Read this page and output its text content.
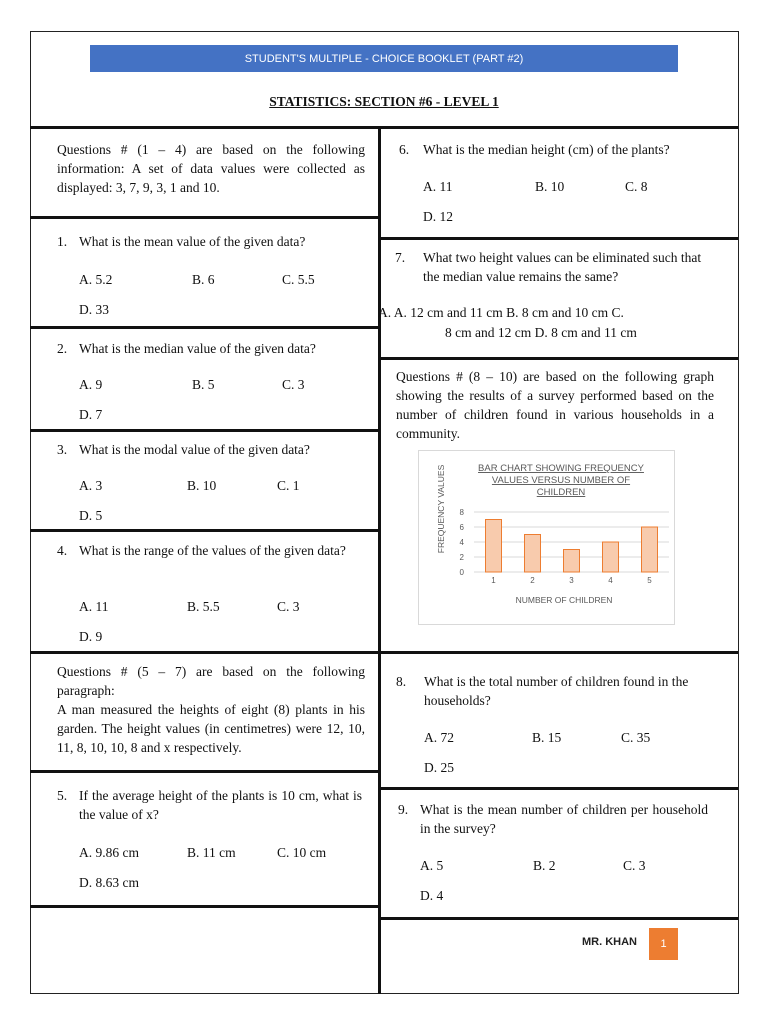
STUDENT'S MULTIPLE - CHOICE BOOKLET (PART #2)
STATISTICS: SECTION #6 - LEVEL 1
Questions # (1 – 4) are based on the following information: A set of data values were collected as displayed: 3, 7, 9, 3, 1 and 10.
1. What is the mean value of the given data?
A. 5.2	B. 6	C. 5.5
D. 33
2. What is the median value of the given data?
A. 9	B. 5	C. 3
D. 7
3. What is the modal value of the given data?
A. 3	B. 10	C. 1
D. 5
4. What is the range of the values of the given data?
A. 11	B. 5.5	C. 3
D. 9
Questions # (5 – 7) are based on the following paragraph:
A man measured the heights of eight (8) plants in his garden. The height values (in centimetres) were 12, 10, 11, 8, 10, 10, 8 and x respectively.
5. If the average height of the plants is 10 cm, what is the value of x?
A. 9.86 cm	B. 11 cm	C. 10 cm
D. 8.63 cm
6. What is the median height (cm) of the plants?
A. 11	B. 10	C. 8
D. 12
7. What two height values can be eliminated such that the median value remains the same?
A. A. 12 cm and 11 cm B. 8 cm and 10 cm C.
8 cm and 12 cm D. 8 cm and 11 cm
Questions # (8 – 10) are based on the following graph showing the results of a survey performed based on the number of children found in various households in a community.
0
2
4
6
8
1	2	3	4	5
BAR CHART SHOWING FREQUENCY
VALUES VERSUS NUMBER OF
CHILDREN
NUMBER OF CHILDREN
FREQUENCY VALUES
8. What is the total number of children found in the households?
A. 72	B. 15	C. 35
D. 25
9. What is the mean number of children per household in the survey?
A. 5	B. 2	C. 3
D. 4
MR. KHAN	1
